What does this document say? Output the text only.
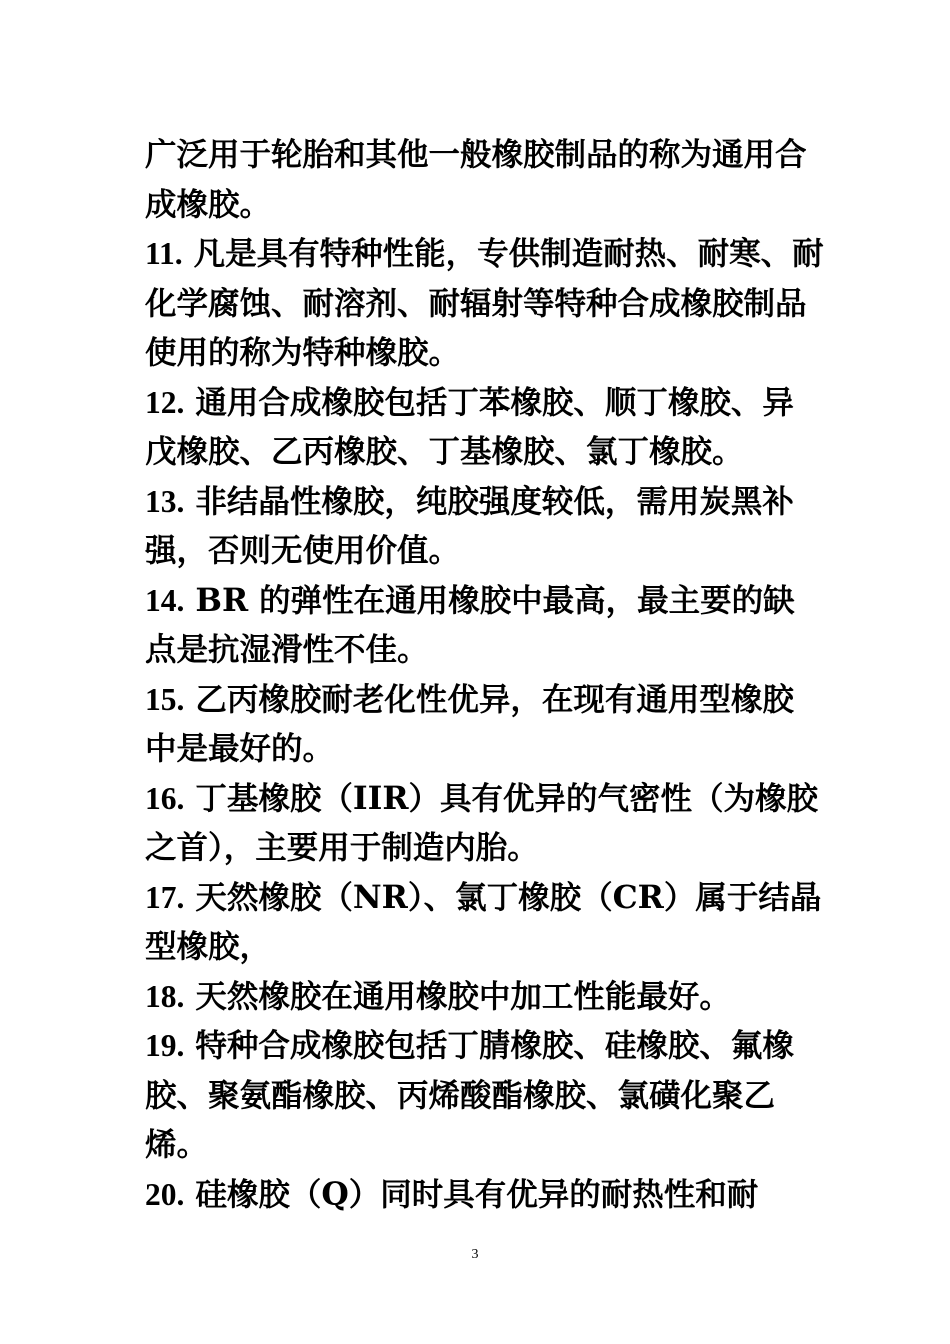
广泛用于轮胎和其他一般橡胶制品的称为通用合成橡胶。

11. 凡是具有特种性能，专供制造耐热、耐寒、耐化学腐蚀、耐溶剂、耐辐射等特种合成橡胶制品使用的称为特种橡胶。

12. 通用合成橡胶包括丁苯橡胶、顺丁橡胶、异戊橡胶、乙丙橡胶、丁基橡胶、氯丁橡胶。

13. 非结晶性橡胶，纯胶强度较低，需用炭黑补强，否则无使用价值。

14. BR 的弹性在通用橡胶中最高，最主要的缺点是抗湿滑性不佳。

15. 乙丙橡胶耐老化性优异，在现有通用型橡胶中是最好的。

16. 丁基橡胶（IIR）具有优异的气密性（为橡胶之首），主要用于制造内胎。

17. 天然橡胶（NR）、氯丁橡胶（CR）属于结晶型橡胶，

18. 天然橡胶在通用橡胶中加工性能最好。

19. 特种合成橡胶包括丁腈橡胶、硅橡胶、氟橡胶、聚氨酯橡胶、丙烯酸酯橡胶、氯磺化聚乙烯。

20. 硅橡胶（Q）同时具有优异的耐热性和耐

3
